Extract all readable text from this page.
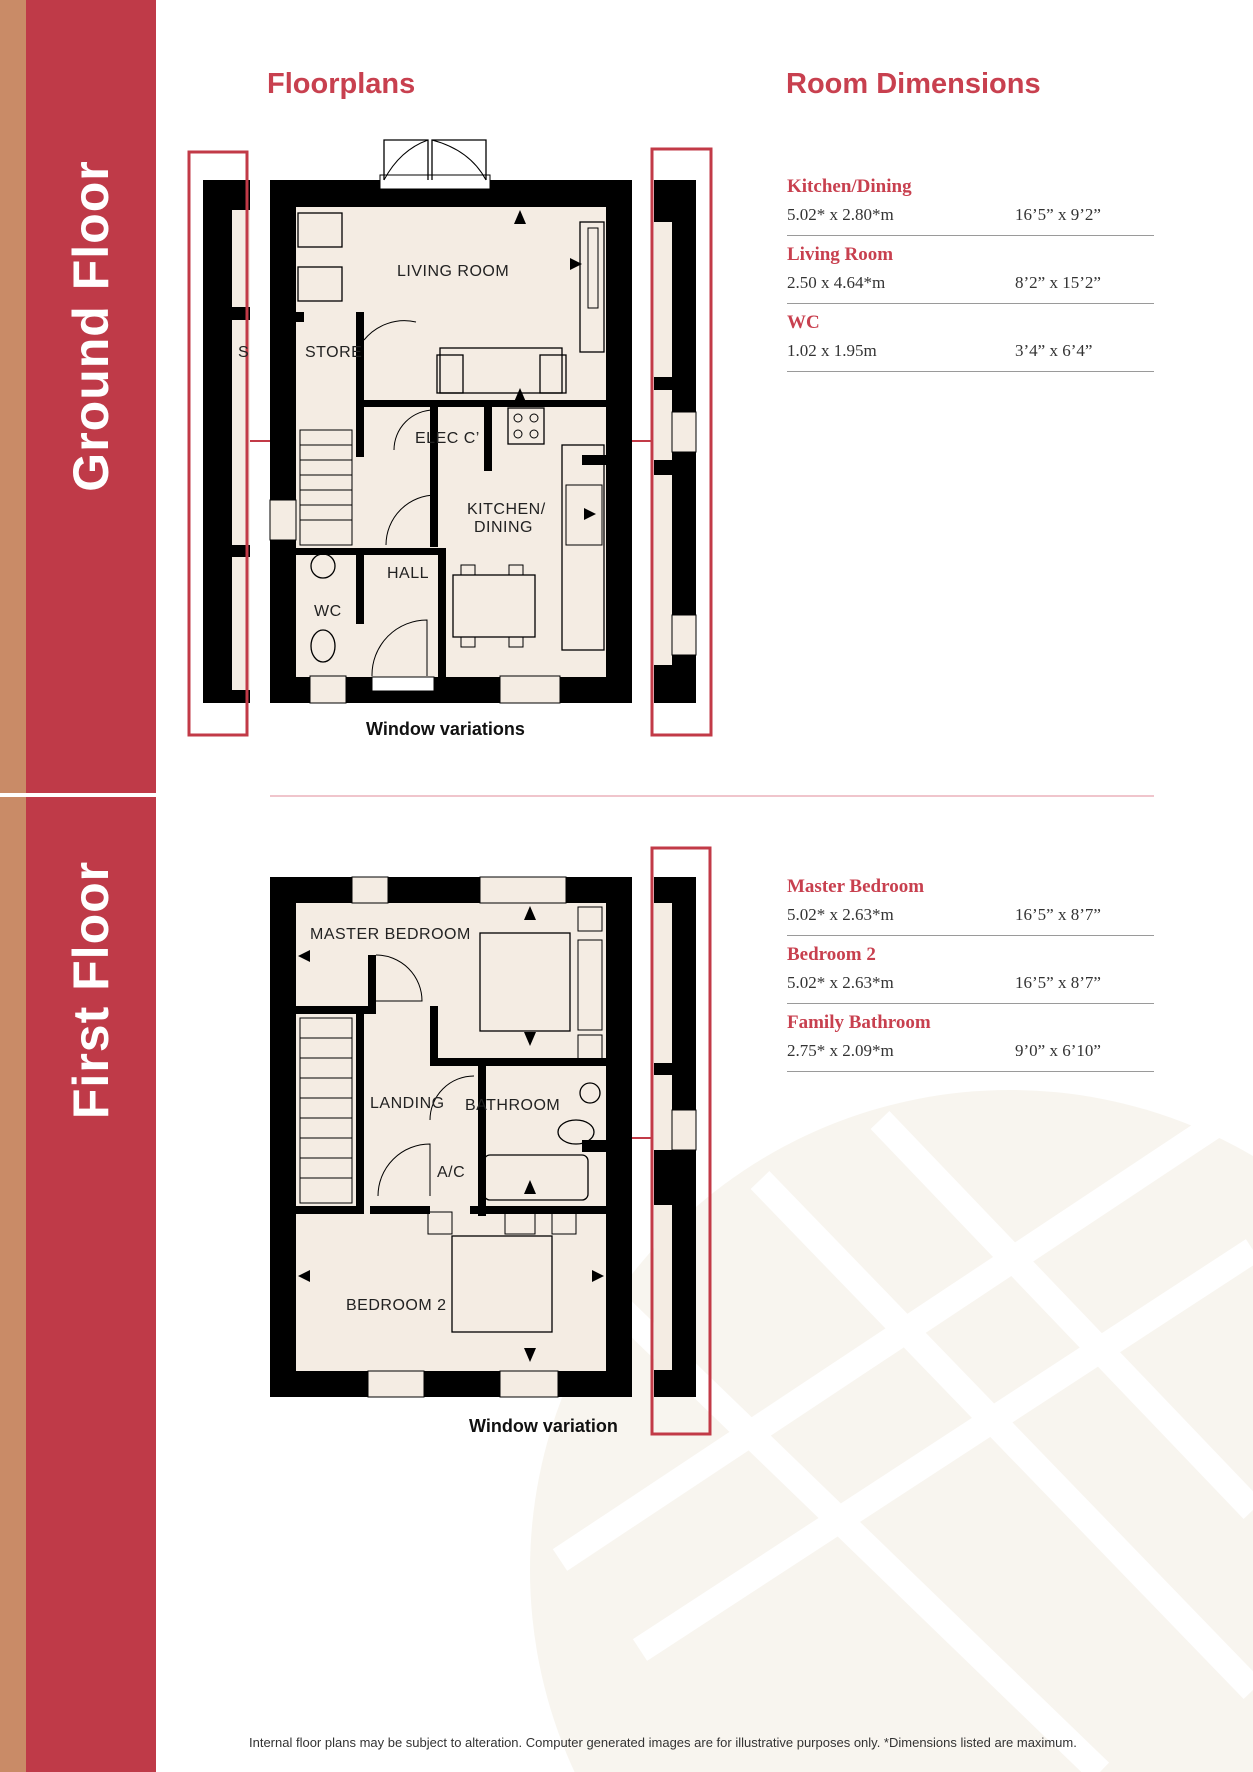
Ground Floor
First Floor
Floorplans	Room Dimensions
Kitchen/Dining
5.02* x 2.80*m	16’5” x 9’2”
Living Room
2.50 x 4.64*m	8’2” x 15’2”
WC
1.02 x 1.95m	3’4” x 6’4”
Master Bedroom
5.02* x 2.63*m	16’5” x 8’7”
Bedroom 2
5.02* x 2.63*m	16’5” x 8’7”
Family Bathroom
2.75* x 2.09*m	9’0” x 6’10”
LIVING ROOM
STORE
ELEC C’
KITCHEN/
DINING
HALL
WC
S
Window variations
MASTER BEDROOM
LANDING BATHROOM
A/C
BEDROOM 2
Window variation
Internal floor plans may be subject to alteration. Computer generated images are for illustrative purposes only. *Dimensions listed are maximum.
